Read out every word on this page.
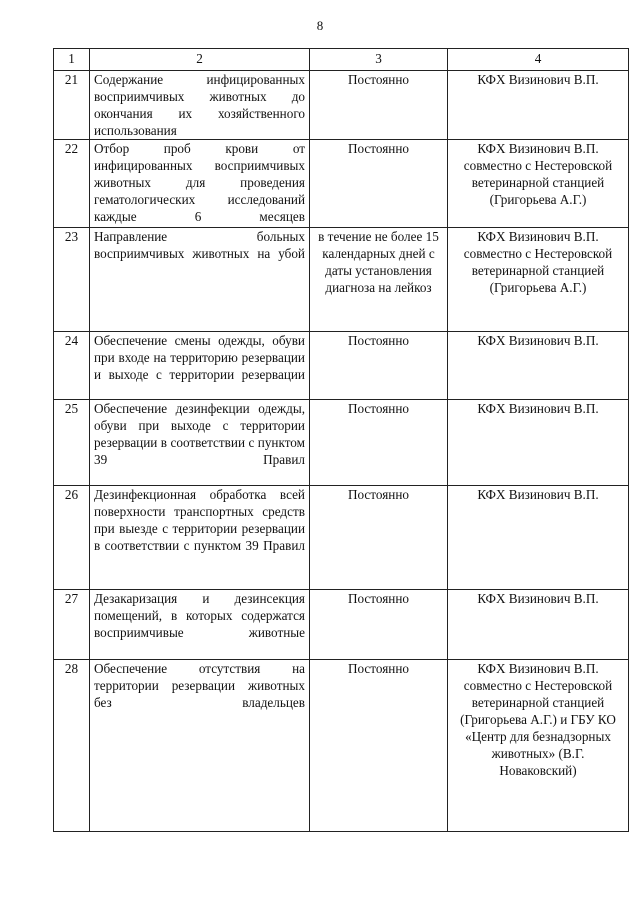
8
1	2	3	4
21	Содержание инфицированных восприимчивых животных до окончания их хозяйственного использования	Постоянно	КФХ Визинович В.П.
22	Отбор проб крови от инфицированных восприимчивых животных для проведения гематологических исследований каждые 6 месяцев	Постоянно	КФХ Визинович В.П. совместно с Нестеровской ветеринарной станцией (Григорьева А.Г.)
23	Направление больных восприимчивых животных на убой	в течение не более 15 календарных дней с даты установления диагноза на лейкоз	КФХ Визинович В.П. совместно с Нестеровской ветеринарной станцией (Григорьева А.Г.)
24	Обеспечение смены одежды, обуви при входе на территорию резервации и выходе с территории резервации	Постоянно	КФХ Визинович В.П.
25	Обеспечение дезинфекции одежды, обуви при выходе с территории резервации в соответствии с пунктом 39 Правил	Постоянно	КФХ Визинович В.П.
26	Дезинфекционная обработка всей поверхности транспортных средств при выезде с территории резервации в соответствии с пунктом 39 Правил	Постоянно	КФХ Визинович В.П.
27	Дезакаризация и дезинсекция помещений, в которых содержатся восприимчивые животные	Постоянно	КФХ Визинович В.П.
28	Обеспечение отсутствия на территории резервации животных без владельцев	Постоянно	КФХ Визинович В.П. совместно с Нестеровской ветеринарной станцией (Григорьева А.Г.) и ГБУ КО «Центр для безнадзорных животных» (В.Г. Новаковский)
